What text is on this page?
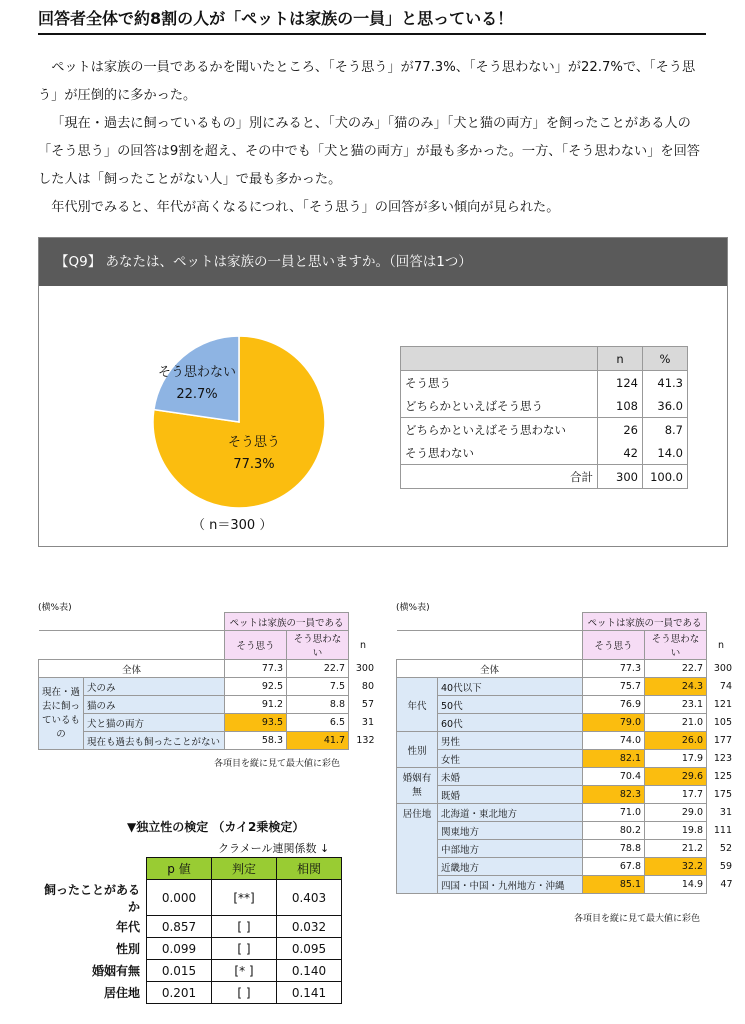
回答者全体で約8割の人が「ペットは家族の一員」と思っている！

ペットは家族の一員であるかを聞いたところ、「そう思う」が77.3%、「そう思わない」が22.7%で、「そう思う」が圧倒的に多かった。

「現在・過去に飼っているもの」別にみると、「犬のみ」「猫のみ」「犬と猫の両方」を飼ったことがある人の「そう思う」の回答は9割を超え、その中でも「犬と猫の両方」が最も多かった。一方、「そう思わない」を回答した人は「飼ったことがない人」で最も多かった。

年代別でみると、年代が高くなるにつれ、「そう思う」の回答が多い傾向が見られた。

【Q9】 あなたは、ペットは家族の一員と思いますか。（回答は1つ）
そう思わない
22.7%
そう思う
77.3%
（ n＝300 ）
	n	%
そう思う	124	41.3
どちらかといえばそう思う	108	36.0
どちらかといえばそう思わない	26	8.7
そう思わない	42	14.0
合計	300	100.0
(横%表)
		ペットは家族の一員である		
		そう思う	そう思わない	n
全体		77.3	22.7	300
現在・過去に飼っているもの	犬のみ	92.5	7.5	80
	猫のみ	91.2	8.8	57
	犬と猫の両方	93.5	6.5	31
	現在も過去も飼ったことがない	58.3	41.7	132
各項目を縦に見て最大値に彩色
▼独立性の検定 （カイ2乗検定）
クラメール連関係数 ↓
	p 値	判定	相関
飼ったことがあるか	0.000	[**]	0.403
年代	0.857	[ ]	0.032
性別	0.099	[ ]	0.095
婚姻有無	0.015	[* ]	0.140
居住地	0.201	[ ]	0.141
(横%表)
		ペットは家族の一員である		
		そう思う	そう思わない	n
全体		77.3	22.7	300
年代	40代以下	75.7	24.3	74
	50代	76.9	23.1	121
	60代	79.0	21.0	105
性別	男性	74.0	26.0	177
	女性	82.1	17.9	123
婚姻有無	未婚	70.4	29.6	125
	既婚	82.3	17.7	175
居住地	北海道・東北地方	71.0	29.0	31
	関東地方	80.2	19.8	111
	中部地方	78.8	21.2	52
	近畿地方	67.8	32.2	59
	四国・中国・九州地方・沖縄	85.1	14.9	47
各項目を縦に見て最大値に彩色
